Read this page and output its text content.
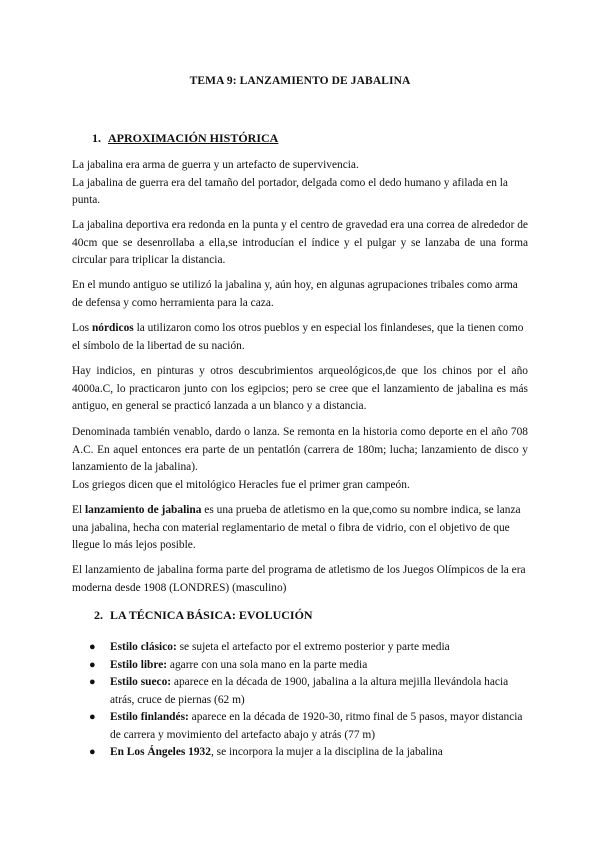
TEMA 9: LANZAMIENTO DE JABALINA
1. APROXIMACIÓN HISTÓRICA

La jabalina era arma de guerra y un artefacto de supervivencia.
La jabalina de guerra era del tamaño del portador, delgada como el dedo humano y afilada en la punta.

La jabalina deportiva era redonda en la punta y el centro de gravedad era una correa de alrededor de 40cm que se desenrollaba a ella,se introducían el índice y el pulgar y se lanzaba de una forma circular para triplicar la distancia.

En el mundo antiguo se utilizó la jabalina y, aún hoy, en algunas agrupaciones tribales como arma de defensa y como herramienta para la caza.

Los nórdicos la utilizaron como los otros pueblos y en especial los finlandeses, que la tienen como el símbolo de la libertad de su nación.

Hay indicios, en pinturas y otros descubrimientos arqueológicos,de que los chinos por el año 4000a.C, lo practicaron junto con los egipcios; pero se cree que el lanzamiento de jabalina es más antiguo, en general se practicó lanzada a un blanco y a distancia.

Denominada también venablo, dardo o lanza. Se remonta en la historia como deporte en el año 708 A.C. En aquel entonces era parte de un pentatlón (carrera de 180m; lucha; lanzamiento de disco y lanzamiento de la jabalina).
Los griegos dicen que el mitológico Heracles fue el primer gran campeón.

El lanzamiento de jabalina es una prueba de atletismo en la que,como su nombre indica, se lanza una jabalina, hecha con material reglamentario de metal o fibra de vidrio, con el objetivo de que llegue lo más lejos posible.

El lanzamiento de jabalina forma parte del programa de atletismo de los Juegos Olímpicos de la era moderna desde 1908 (LONDRES) (masculino)

2. LA TÉCNICA BÁSICA: EVOLUCIÓN
● Estilo clásico: se sujeta el artefacto por el extremo posterior y parte media
● Estilo libre: agarre con una sola mano en la parte media
● Estilo sueco: aparece en la década de 1900, jabalina a la altura mejilla llevándola hacia atrás, cruce de piernas (62 m)
● Estilo finlandés: aparece en la década de 1920-30, ritmo final de 5 pasos, mayor distancia de carrera y movimiento del artefacto abajo y atrás (77 m)
● En Los Ángeles 1932, se incorpora la mujer a la disciplina de la jabalina
